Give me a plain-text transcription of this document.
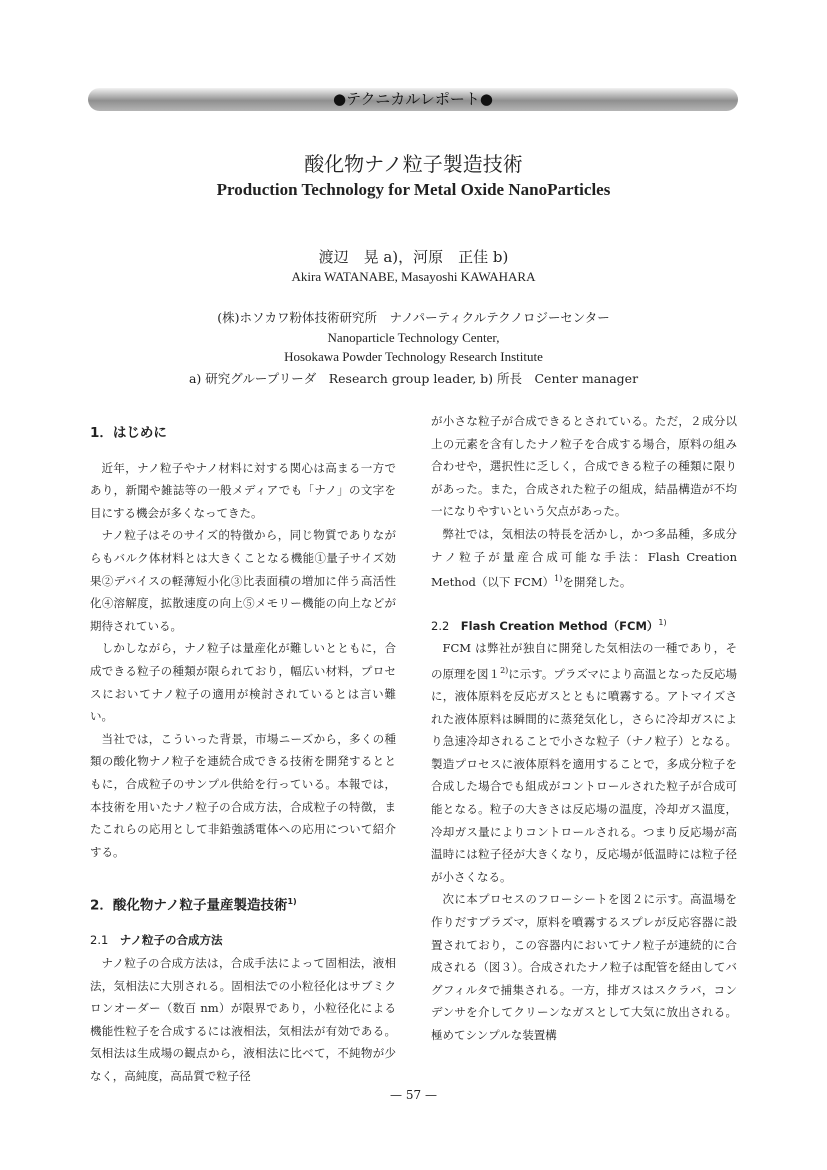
●テクニカルレポート●
酸化物ナノ粒子製造技術
Production Technology for Metal Oxide NanoParticles
渡辺　晃 a)，河原　正佳 b)
Akira WATANABE, Masayoshi KAWAHARA
(株)ホソカワ粉体技術研究所　ナノパーティクルテクノロジーセンター
Nanoparticle Technology Center,
Hosokawa Powder Technology Research Institute
a) 研究グループリーダ　Research group leader, b) 所長　Center manager
1．はじめに

近年，ナノ粒子やナノ材料に対する関心は高まる一方であり，新聞や雑誌等の一般メディアでも「ナノ」の文字を目にする機会が多くなってきた。

ナノ粒子はそのサイズ的特徴から，同じ物質でありながらもバルク体材料とは大きくことなる機能①量子サイズ効果②デバイスの軽薄短小化③比表面積の増加に伴う高活性化④溶解度，拡散速度の向上⑤メモリー機能の向上などが期待されている。

しかしながら，ナノ粒子は量産化が難しいとともに，合成できる粒子の種類が限られており，幅広い材料，プロセスにおいてナノ粒子の適用が検討されているとは言い難い。

当社では，こういった背景，市場ニーズから，多くの種類の酸化物ナノ粒子を連続合成できる技術を開発するとともに，合成粒子のサンプル供給を行っている。本報では，本技術を用いたナノ粒子の合成方法，合成粒子の特徴，またこれらの応用として非鉛強誘電体への応用について紹介する。

2．酸化物ナノ粒子量産製造技術$^{1)}$
2.1　 ナノ粒子の合成方法

ナノ粒子の合成方法は，合成手法によって固相法，液相法，気相法に大別される。固相法での小粒径化はサブミクロンオーダー（数百 nm）が限界であり，小粒径化による機能性粒子を合成するには液相法，気相法が有効である。気相法は生成場の観点から，液相法に比べて，不純物が少なく，高純度，高品質で粒子径

が小さな粒子が合成できるとされている。ただ，２成分以上の元素を含有したナノ粒子を合成する場合，原料の組み合わせや，選択性に乏しく，合成できる粒子の種類に限りがあった。また，合成された粒子の組成，結晶構造が不均一になりやすいという欠点があった。

弊社では，気相法の特長を活かし，かつ多品種，多成分ナノ粒子が量産合成可能な手法：Flash Creation Method（以下 FCM）$^{1)}$を開発した。

2.2　 Flash Creation Method（FCM）$^{1)}$

FCM は弊社が独自に開発した気相法の一種であり，その原理を図１$^{2)}$に示す。プラズマにより高温となった反応場に，液体原料を反応ガスとともに噴霧する。アトマイズされた液体原料は瞬間的に蒸発気化し，さらに冷却ガスにより急速冷却されることで小さな粒子（ナノ粒子）となる。製造プロセスに液体原料を適用することで，多成分粒子を合成した場合でも組成がコントロールされた粒子が合成可能となる。粒子の大きさは反応場の温度，冷却ガス温度，冷却ガス量によりコントロールされる。つまり反応場が高温時には粒子径が大きくなり，反応場が低温時には粒子径が小さくなる。

次に本プロセスのフローシートを図２に示す。高温場を作りだすプラズマ，原料を噴霧するスプレが反応容器に設置されており，この容器内においてナノ粒子が連続的に合成される（図３）。合成されたナノ粒子は配管を経由してバグフィルタで捕集される。一方，排ガスはスクラバ，コンデンサを介してクリーンなガスとして大気に放出される。極めてシンプルな装置構

— 57 —
